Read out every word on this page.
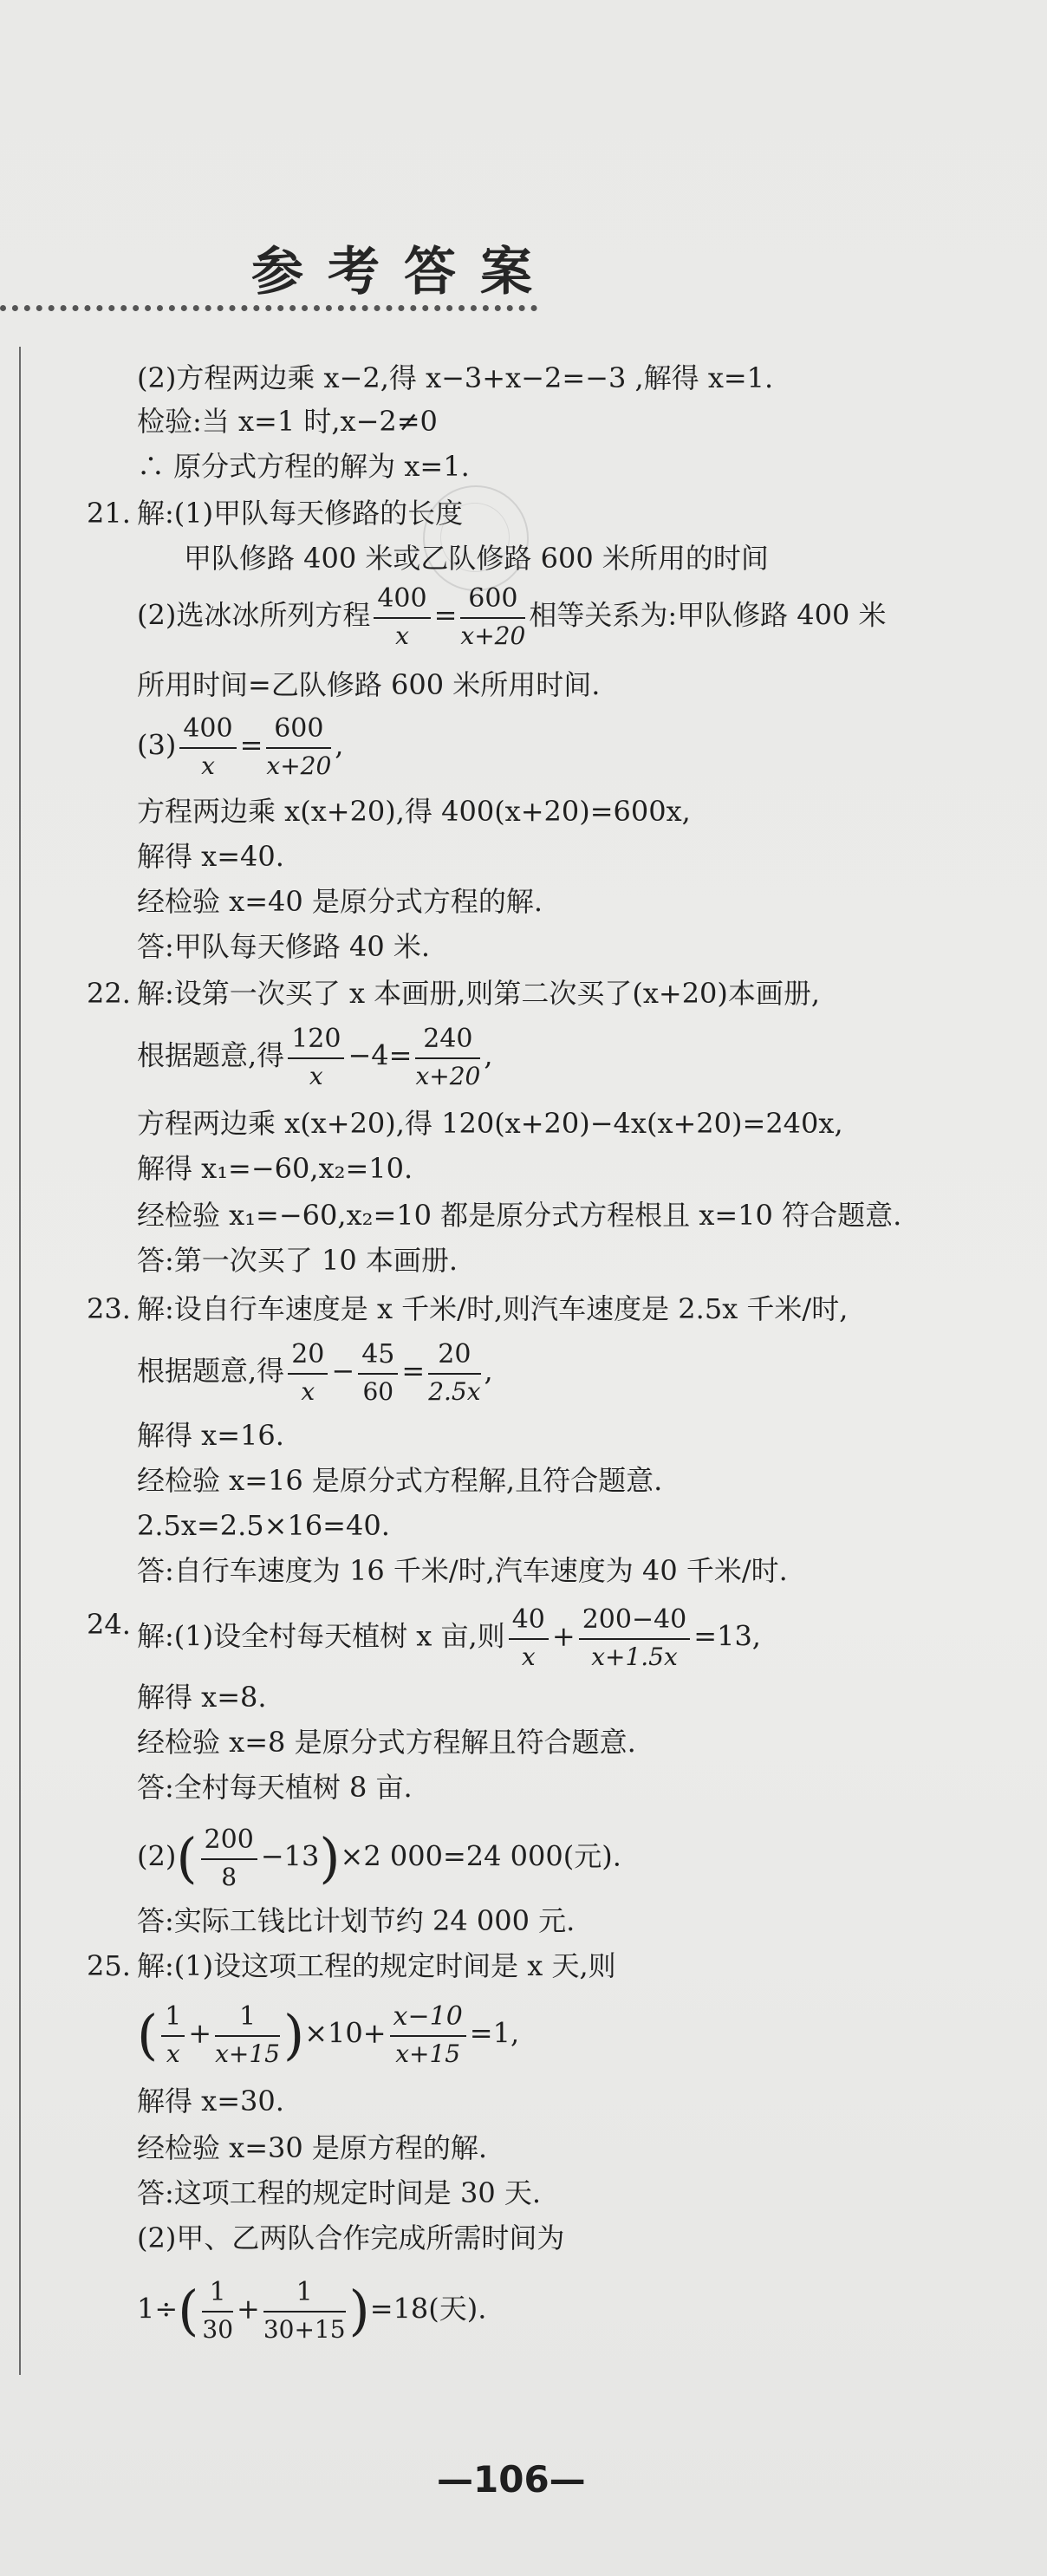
参考答案
(2)方程两边乘 x−2,得 x−3+x−2=−3 ,解得 x=1.
检验:当 x=1 时,x−2≠0
∴ 原分式方程的解为 x=1.
21. 解:(1)甲队每天修路的长度
甲队修路 400 米或乙队修路 600 米所用的时间
(2)选冰冰所列方程 $\frac{400}{x} = \frac{600}{x+20}$ 相等关系为:甲队修路 400 米
所用时间=乙队修路 600 米所用时间.
$(3) \frac{400}{x} = \frac{600}{x+20}$ ,
方程两边乘 x(x+20),得 400(x+20)=600x,
解得 x=40.
经检验 x=40 是原分式方程的解.
答:甲队每天修路 40 米.
22. 解:设第一次买了 x 本画册,则第二次买了(x+20)本画册,
根据题意,得 $\frac{120}{x} -4= \frac{240}{x+20}$ ,
方程两边乘 x(x+20),得 120(x+20)−4x(x+20)=240x,
解得 x₁=−60,x₂=10.
经检验 x₁=−60,x₂=10 都是原分式方程根且 x=10 符合题意.
答:第一次买了 10 本画册.
23. 解:设自行车速度是 x 千米/时,则汽车速度是 2.5x 千米/时,
根据题意,得 $\frac{20}{x} - \frac{45}{60} = \frac{20}{2.5x}$ ,
解得 x=16.
经检验 x=16 是原分式方程解,且符合题意.
2.5x=2.5×16=40.
答:自行车速度为 16 千米/时,汽车速度为 40 千米/时.
24. 解:(1)设全村每天植树 x 亩,则 $\frac{40}{x} + \frac{200-40}{x+1.5x} =13$,
解得 x=8.
经检验 x=8 是原分式方程解且符合题意.
答:全村每天植树 8 亩.
$(2)( \frac{200}{8} -13)\times 2$ 000=24 000(元).
答:实际工钱比计划节约 24 000 元.
25. 解:(1)设这项工程的规定时间是 x 天,则
( $\frac{1}{x} + \frac{1}{x+15} )\times 10+ \frac{x-10}{x+15} =1$,
解得 x=30.
经检验 x=30 是原方程的解.
答:这项工程的规定时间是 30 天.
(2)甲、乙两队合作完成所需时间为
$1\div( \frac{1}{30} + \frac{1}{30+15} )=18$(天).
—106—
